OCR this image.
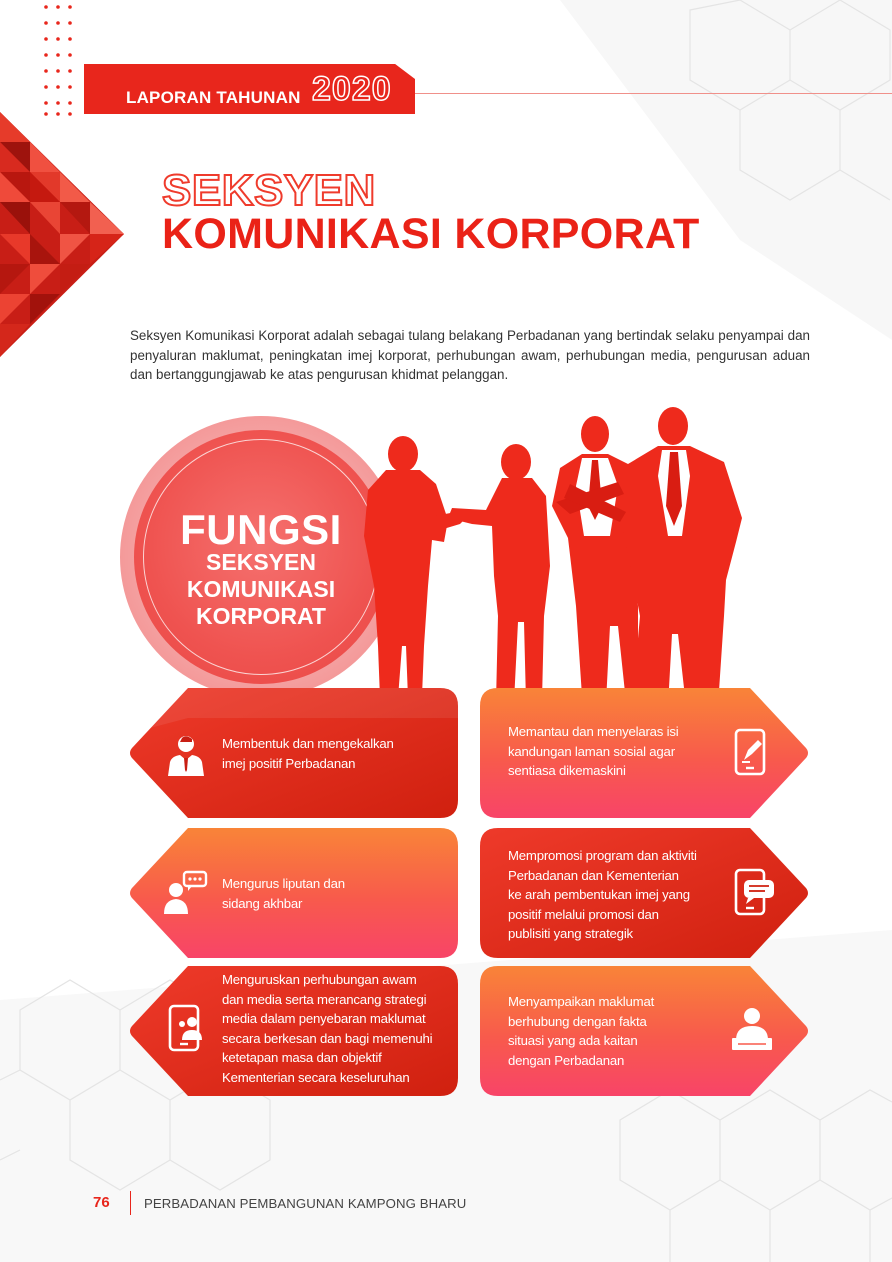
LAPORAN TAHUNAN 2020
SEKSYEN
KOMUNIKASI KORPORAT
Seksyen Komunikasi Korporat adalah sebagai tulang belakang Perbadanan yang bertindak selaku penyampai dan penyaluran maklumat, peningkatan imej korporat, perhubungan awam, perhubungan media, pengurusan aduan dan bertanggungjawab ke atas pengurusan khidmat pelanggan.
FUNGSI
SEKSYEN
KOMUNIKASI
KORPORAT
Membentuk dan mengekalkan
imej positif Perbadanan
Mengurus liputan dan
sidang akhbar
Menguruskan perhubungan awam
dan media serta merancang strategi
media dalam penyebaran maklumat
secara berkesan dan bagi memenuhi
ketetapan masa dan objektif
Kementerian secara keseluruhan
Memantau dan menyelaras isi
kandungan laman sosial agar
sentiasa dikemaskini
Mempromosi program dan aktiviti
Perbadanan dan Kementerian
ke arah pembentukan imej yang
positif melalui promosi dan
publisiti yang strategik
Menyampaikan maklumat
berhubung dengan fakta
situasi yang ada kaitan
dengan Perbadanan
76	PERBADANAN PEMBANGUNAN KAMPONG BHARU
